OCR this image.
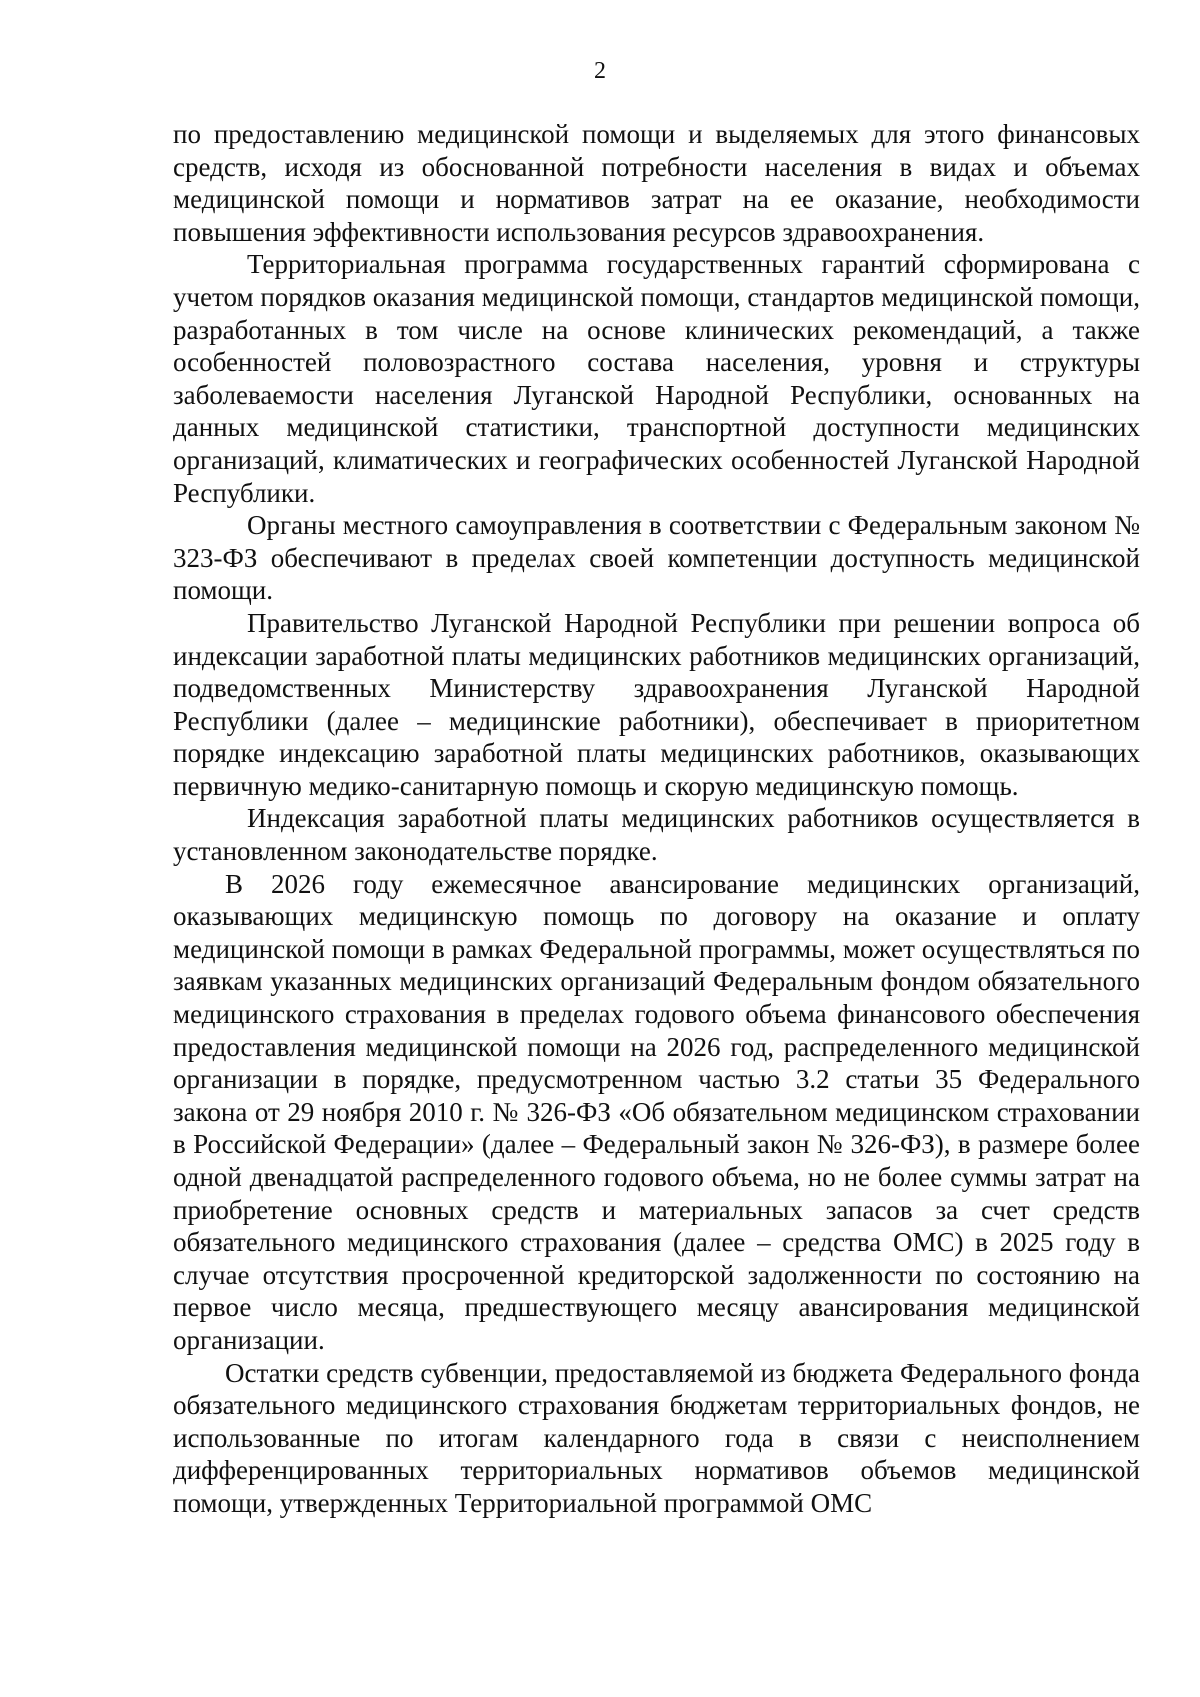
2

по предоставлению медицинской помощи и выделяемых для этого финансовых средств, исходя из обоснованной потребности населения в видах и объемах медицинской помощи и нормативов затрат на ее оказание, необходимости повышения эффективности использования ресурсов здравоохранения.

Территориальная программа государственных гарантий сформирована с учетом порядков оказания медицинской помощи, стандартов медицинской помощи, разработанных в том числе на основе клинических рекомендаций, а также особенностей половозрастного состава населения, уровня и структуры заболеваемости населения Луганской Народной Республики, основанных на данных медицинской статистики, транспортной доступности медицинских организаций, климатических и географических особенностей Луганской Народной Республики.

Органы местного самоуправления в соответствии с Федеральным законом № 323-ФЗ обеспечивают в пределах своей компетенции доступность медицинской помощи.

Правительство Луганской Народной Республики при решении вопроса об индексации заработной платы медицинских работников медицинских организаций, подведомственных Министерству здравоохранения Луганской Народной Республики (далее – медицинские работники), обеспечивает в приоритетном порядке индексацию заработной платы медицинских работников, оказывающих первичную медико-санитарную помощь и скорую медицинскую помощь.

Индексация заработной платы медицинских работников осуществляется в установленном законодательстве порядке.

В 2026 году ежемесячное авансирование медицинских организаций, оказывающих медицинскую помощь по договору на оказание и оплату медицинской помощи в рамках Федеральной программы, может осуществляться по заявкам указанных медицинских организаций Федеральным фондом обязательного медицинского страхования в пределах годового объема финансового обеспечения предоставления медицинской помощи на 2026 год, распределенного медицинской организации в порядке, предусмотренном частью 3.2 статьи 35 Федерального закона от 29 ноября 2010 г. № 326-ФЗ «Об обязательном медицинском страховании в Российской Федерации» (далее – Федеральный закон № 326-ФЗ), в размере более одной двенадцатой распределенного годового объема, но не более суммы затрат на приобретение основных средств и материальных запасов за счет средств обязательного медицинского страхования (далее – средства ОМС) в 2025 году в случае отсутствия просроченной кредиторской задолженности по состоянию на первое число месяца, предшествующего месяцу авансирования медицинской организации.

Остатки средств субвенции, предоставляемой из бюджета Федерального фонда обязательного медицинского страхования бюджетам территориальных фондов, не использованные по итогам календарного года в связи с неисполнением дифференцированных территориальных нормативов объемов медицинской помощи, утвержденных Территориальной программой ОМС
